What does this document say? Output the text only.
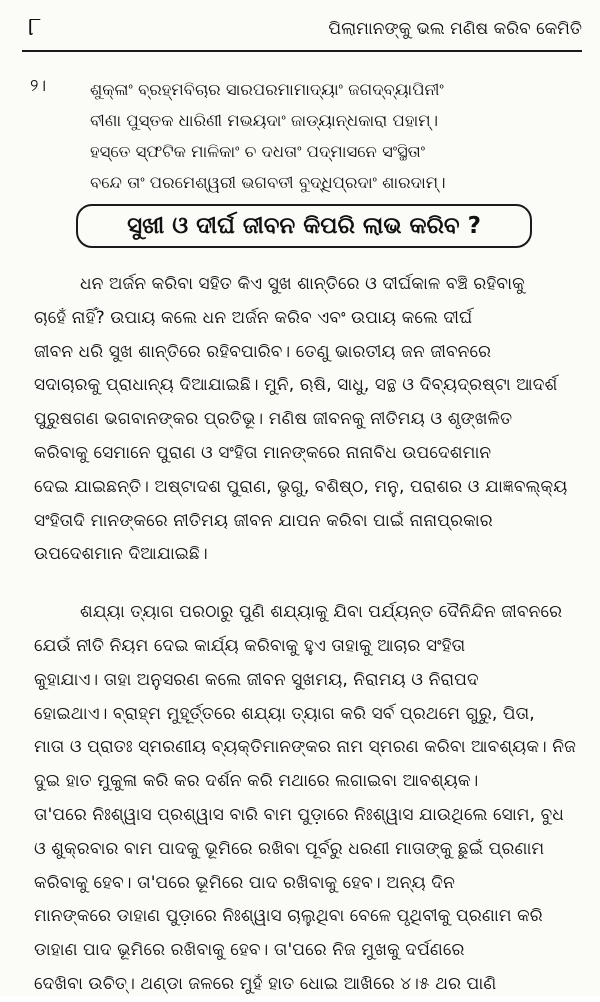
୮	ପିଲାମାନଙ୍କୁ ଭଲ ମଣିଷ କରିବ କେମିତି
୨।	ଶୁକ୍ଳାଂ ବ୍ରହ୍ମବିଚାର ସାରପରମାମାଦ୍ୟାଂ ଜଗଦ୍‌ବ୍ୟାପିନୀଂ
ବୀଣା ପୁସ୍ତକ ଧାରିଣୀ ମଭୟଦାଂ ଜାଡ୍ୟାନ୍ଧକାରା ପହାମ୍।
ହସ୍ତେ ସ୍ଫଟିକ ମାଳିକାଂ ଚ ଦଧତାଂ ପଦ୍ମାସନେ ସଂସ୍ଥିତାଂ
ବନ୍ଦେ ତାଂ ପରମେଶ୍ୱରୀ ଭଗବତୀ ବୁଦ୍ଧିପ୍ରଦାଂ ଶାରଦାମ୍।
ସୁଖୀ ଓ ଦୀର୍ଘ ଜୀବନ କିପରି ଲାଭ କରିବ ?
ଧନ ଅର୍ଜନ କରିବା ସହିତ କିଏ ସୁଖ ଶାନ୍ତିରେ ଓ ଦୀର୍ଘକାଳ ବଞ୍ଚି ରହିବାକୁ
ଚାହେଁ ନାହିଁ? ଉପାୟ କଲେ ଧନ ଅର୍ଜନ କରିବ ଏବଂ ଉପାୟ କଲେ ଦୀର୍ଘ
ଜୀବନ ଧରି ସୁଖ ଶାନ୍ତିରେ ରହିବପାରିବ। ତେଣୁ ଭାରତୀୟ ଜନ ଜୀବନରେ
ସଦାଚାରକୁ ପ୍ରାଧାନ୍ୟ ଦିଆଯାଇଛି। ମୁନି, ଋଷି, ସାଧୁ, ସନ୍ଥ ଓ ଦିବ୍ୟଦ୍ରଷ୍ଟା ଆଦର୍ଶ
ପୁରୁଷଗଣ ଭଗବାନଙ୍କର ପ୍ରତିଭୂ। ମଣିଷ ଜୀବନକୁ ନୀତିମୟ ଓ ଶୃଙ୍ଖଳିତ
କରିବାକୁ ସେମାନେ ପୁରାଣ ଓ ସଂହିତା ମାନଙ୍କରେ ନାନାବିଧ ଉପଦେଶମାନ
ଦେଇ ଯାଇଛନ୍ତି। ଅଷ୍ଟାଦଶ ପୁରାଣ, ଭୃଗୁ, ବଶିଷ୍ଠ, ମନୁ, ପରାଶର ଓ ଯାଜ୍ଞବଲ୍କ୍ୟ
ସଂହିତାଦି ମାନଙ୍କରେ ନୀତିମୟ ଜୀବନ ଯାପନ କରିବା ପାଇଁ ନାନାପ୍ରକାର
ଉପଦେଶମାନ ଦିଆଯାଇଛି।
ଶଯ୍ୟା ତ୍ୟାଗ ପରଠାରୁ ପୁଣି ଶଯ୍ୟାକୁ ଯିବା ପର୍ଯ୍ୟନ୍ତ ଦୈନିନ୍ଦିନ ଜୀବନରେ
ଯେଉଁ ନୀତି ନିୟମ ଦେଇ କାର୍ଯ୍ୟ କରିବାକୁ ହୁଏ ତାହାକୁ ଆଚାର ସଂହିତା
କୁହାଯାଏ। ତାହା ଅନୁସରଣ କଲେ ଜୀବନ ସୁଖମୟ, ନିରାମୟ ଓ ନିରାପଦ
ହୋଇଥାଏ। ବ୍ରାହ୍ମ ମୁହୂର୍ତ୍ତରେ ଶଯ୍ୟା ତ୍ୟାଗ କରି ସର୍ବ ପ୍ରଥମେ ଗୁରୁ, ପିତା,
ମାତା ଓ ପ୍ରାତଃ ସ୍ମରଣୀୟ ବ୍ୟକ୍ତିମାନଙ୍କର ନାମ ସ୍ମରଣ କରିବା ଆବଶ୍ୟକ। ନିଜ
ଦୁଇ ହାତ ମୁକୁଳା କରି କର ଦର୍ଶନ କରି ମଥାରେ ଲଗାଇବା ଆବଶ୍ୟକ।
ତା'ପରେ ନିଃଶ୍ୱାସ ପ୍ରଶ୍ୱାସ ବାରି ବାମ ପୁଡ଼ାରେ ନିଃଶ୍ୱାସ ଯାଉଥିଲେ ସୋମ, ବୁଧ
ଓ ଶୁକ୍ରବାର ବାମ ପାଦକୁ ଭୂମିରେ ରଖିବା ପୂର୍ବରୁ ଧରଣୀ ମାତାଙ୍କୁ ଛୁଇଁ ପ୍ରଣାମ
କରିବାକୁ ହେବ। ତା'ପରେ ଭୂମିରେ ପାଦ ରଖିବାକୁ ହେବ। ଅନ୍ୟ ଦିନ
ମାନଙ୍କରେ ଡାହାଣ ପୁଡ଼ାରେ ନିଃଶ୍ୱାସ ଚାଲୁଥିବା ବେଳେ ପୃଥିବୀକୁ ପ୍ରଣାମ କରି
ଡାହାଣ ପାଦ ଭୂମିରେ ରଖିବାକୁ ହେବ। ତା'ପରେ ନିଜ ମୁଖକୁ ଦର୍ପଣରେ
ଦେଖିବା ଉଚିତ୍। ଥଣ୍ଡା ଜଳରେ ମୁହଁ ହାତ ଧୋଇ ଆଖିରେ ୪।୫ ଥର ପାଣି
